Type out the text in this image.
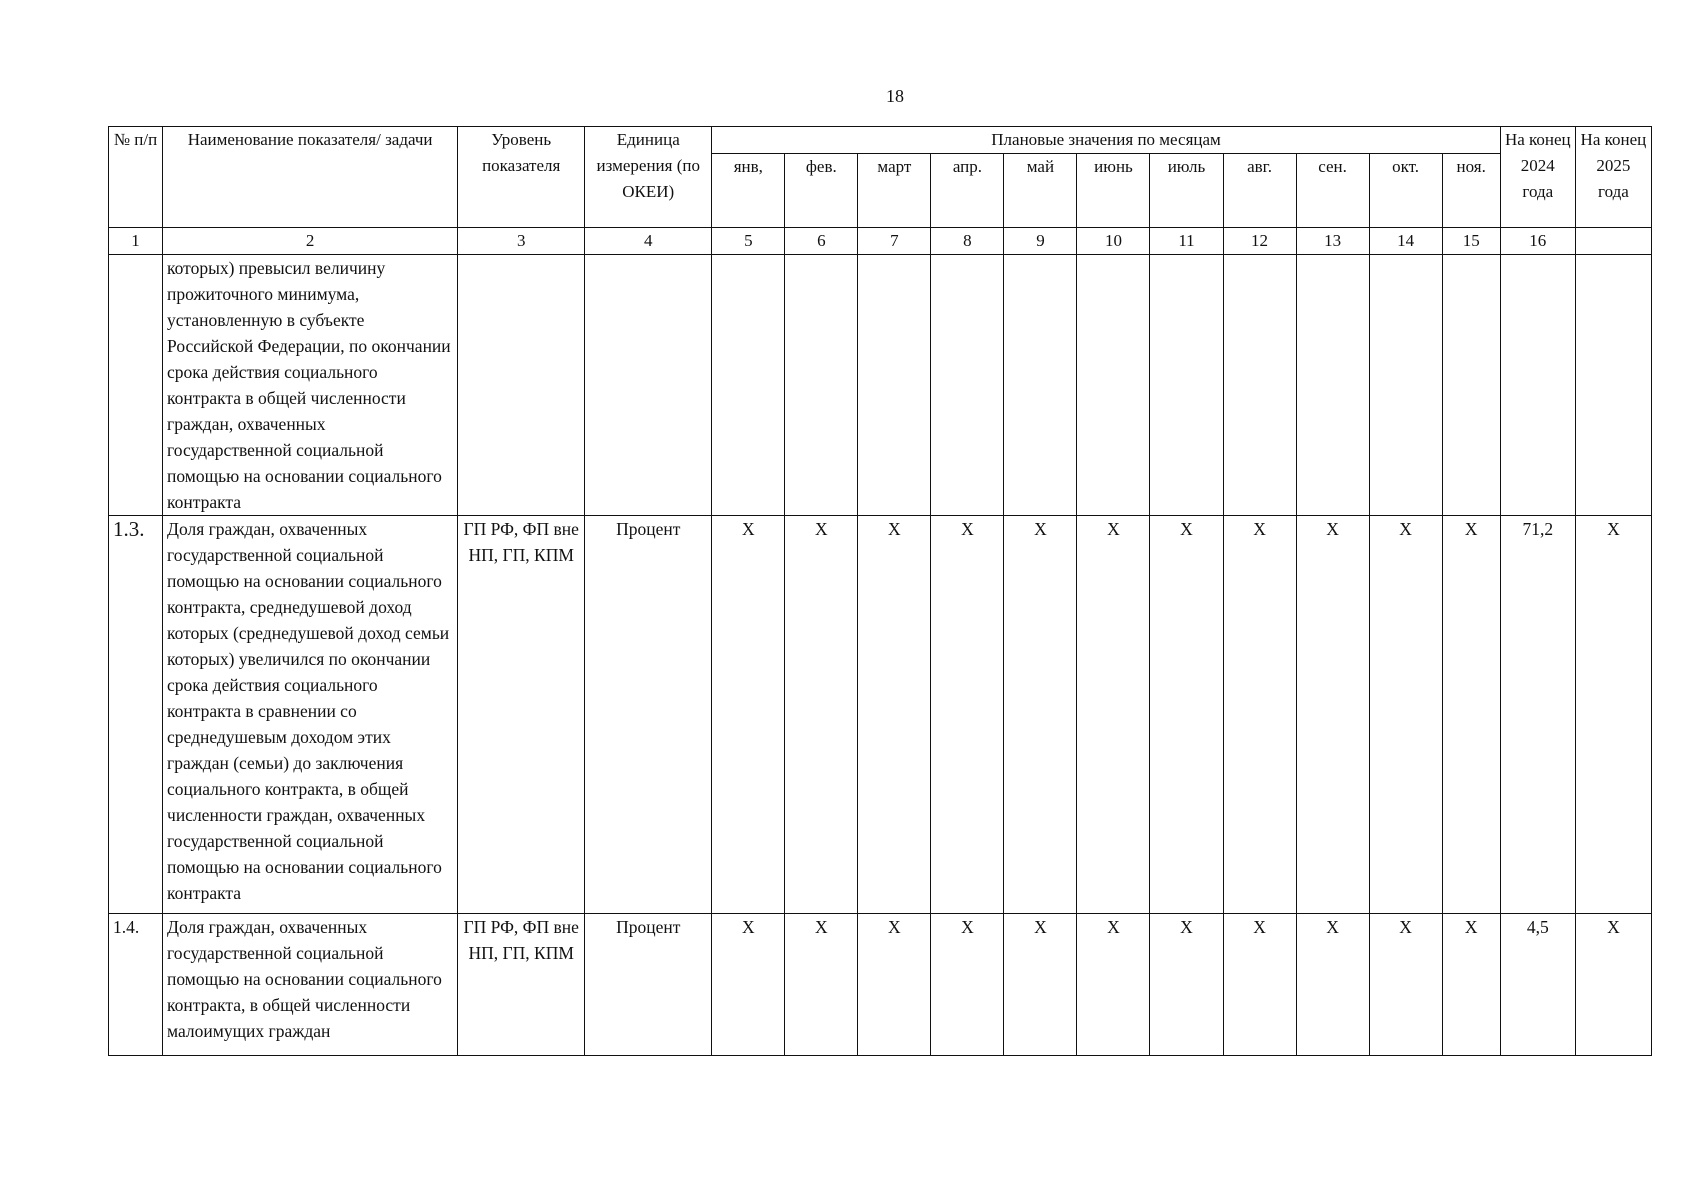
18
№ п/п	Наименование показателя/ задачи	Уровень показателя	Единица измерения (по ОКЕИ)	Плановые значения по месяцам											На конец 2024 года	На конец 2025 года
				янв,	фев.	март	апр.	май	июнь	июль	авг.	сен.	окт.	ноя.		
1	2	3	4	5	6	7	8	9	10	11	12	13	14	15	16	
	которых) превысил величину прожиточного минимума, установленную в субъекте Российской Федерации, по окончании срока действия социального контракта в общей численности граждан, охваченных государственной социальной помощью на основании социального контракта															
1.3.	Доля граждан, охваченных государственной социальной помощью на основании социального контракта, среднедушевой доход которых (среднедушевой доход семьи которых) увеличился по окончании срока действия социального контракта в сравнении со среднедушевым доходом этих граждан (семьи) до заключения социального контракта, в общей численности граждан, охваченных государственной социальной помощью на основании социального контракта	ГП РФ, ФП вне НП, ГП, КПМ	Процент	Х	Х	Х	Х	Х	Х	Х	Х	Х	Х	Х	71,2	Х
1.4.	Доля граждан, охваченных государственной социальной помощью на основании социального контракта, в общей численности малоимущих граждан	ГП РФ, ФП вне НП, ГП, КПМ	Процент	Х	Х	Х	Х	Х	Х	Х	Х	Х	Х	Х	4,5	Х
